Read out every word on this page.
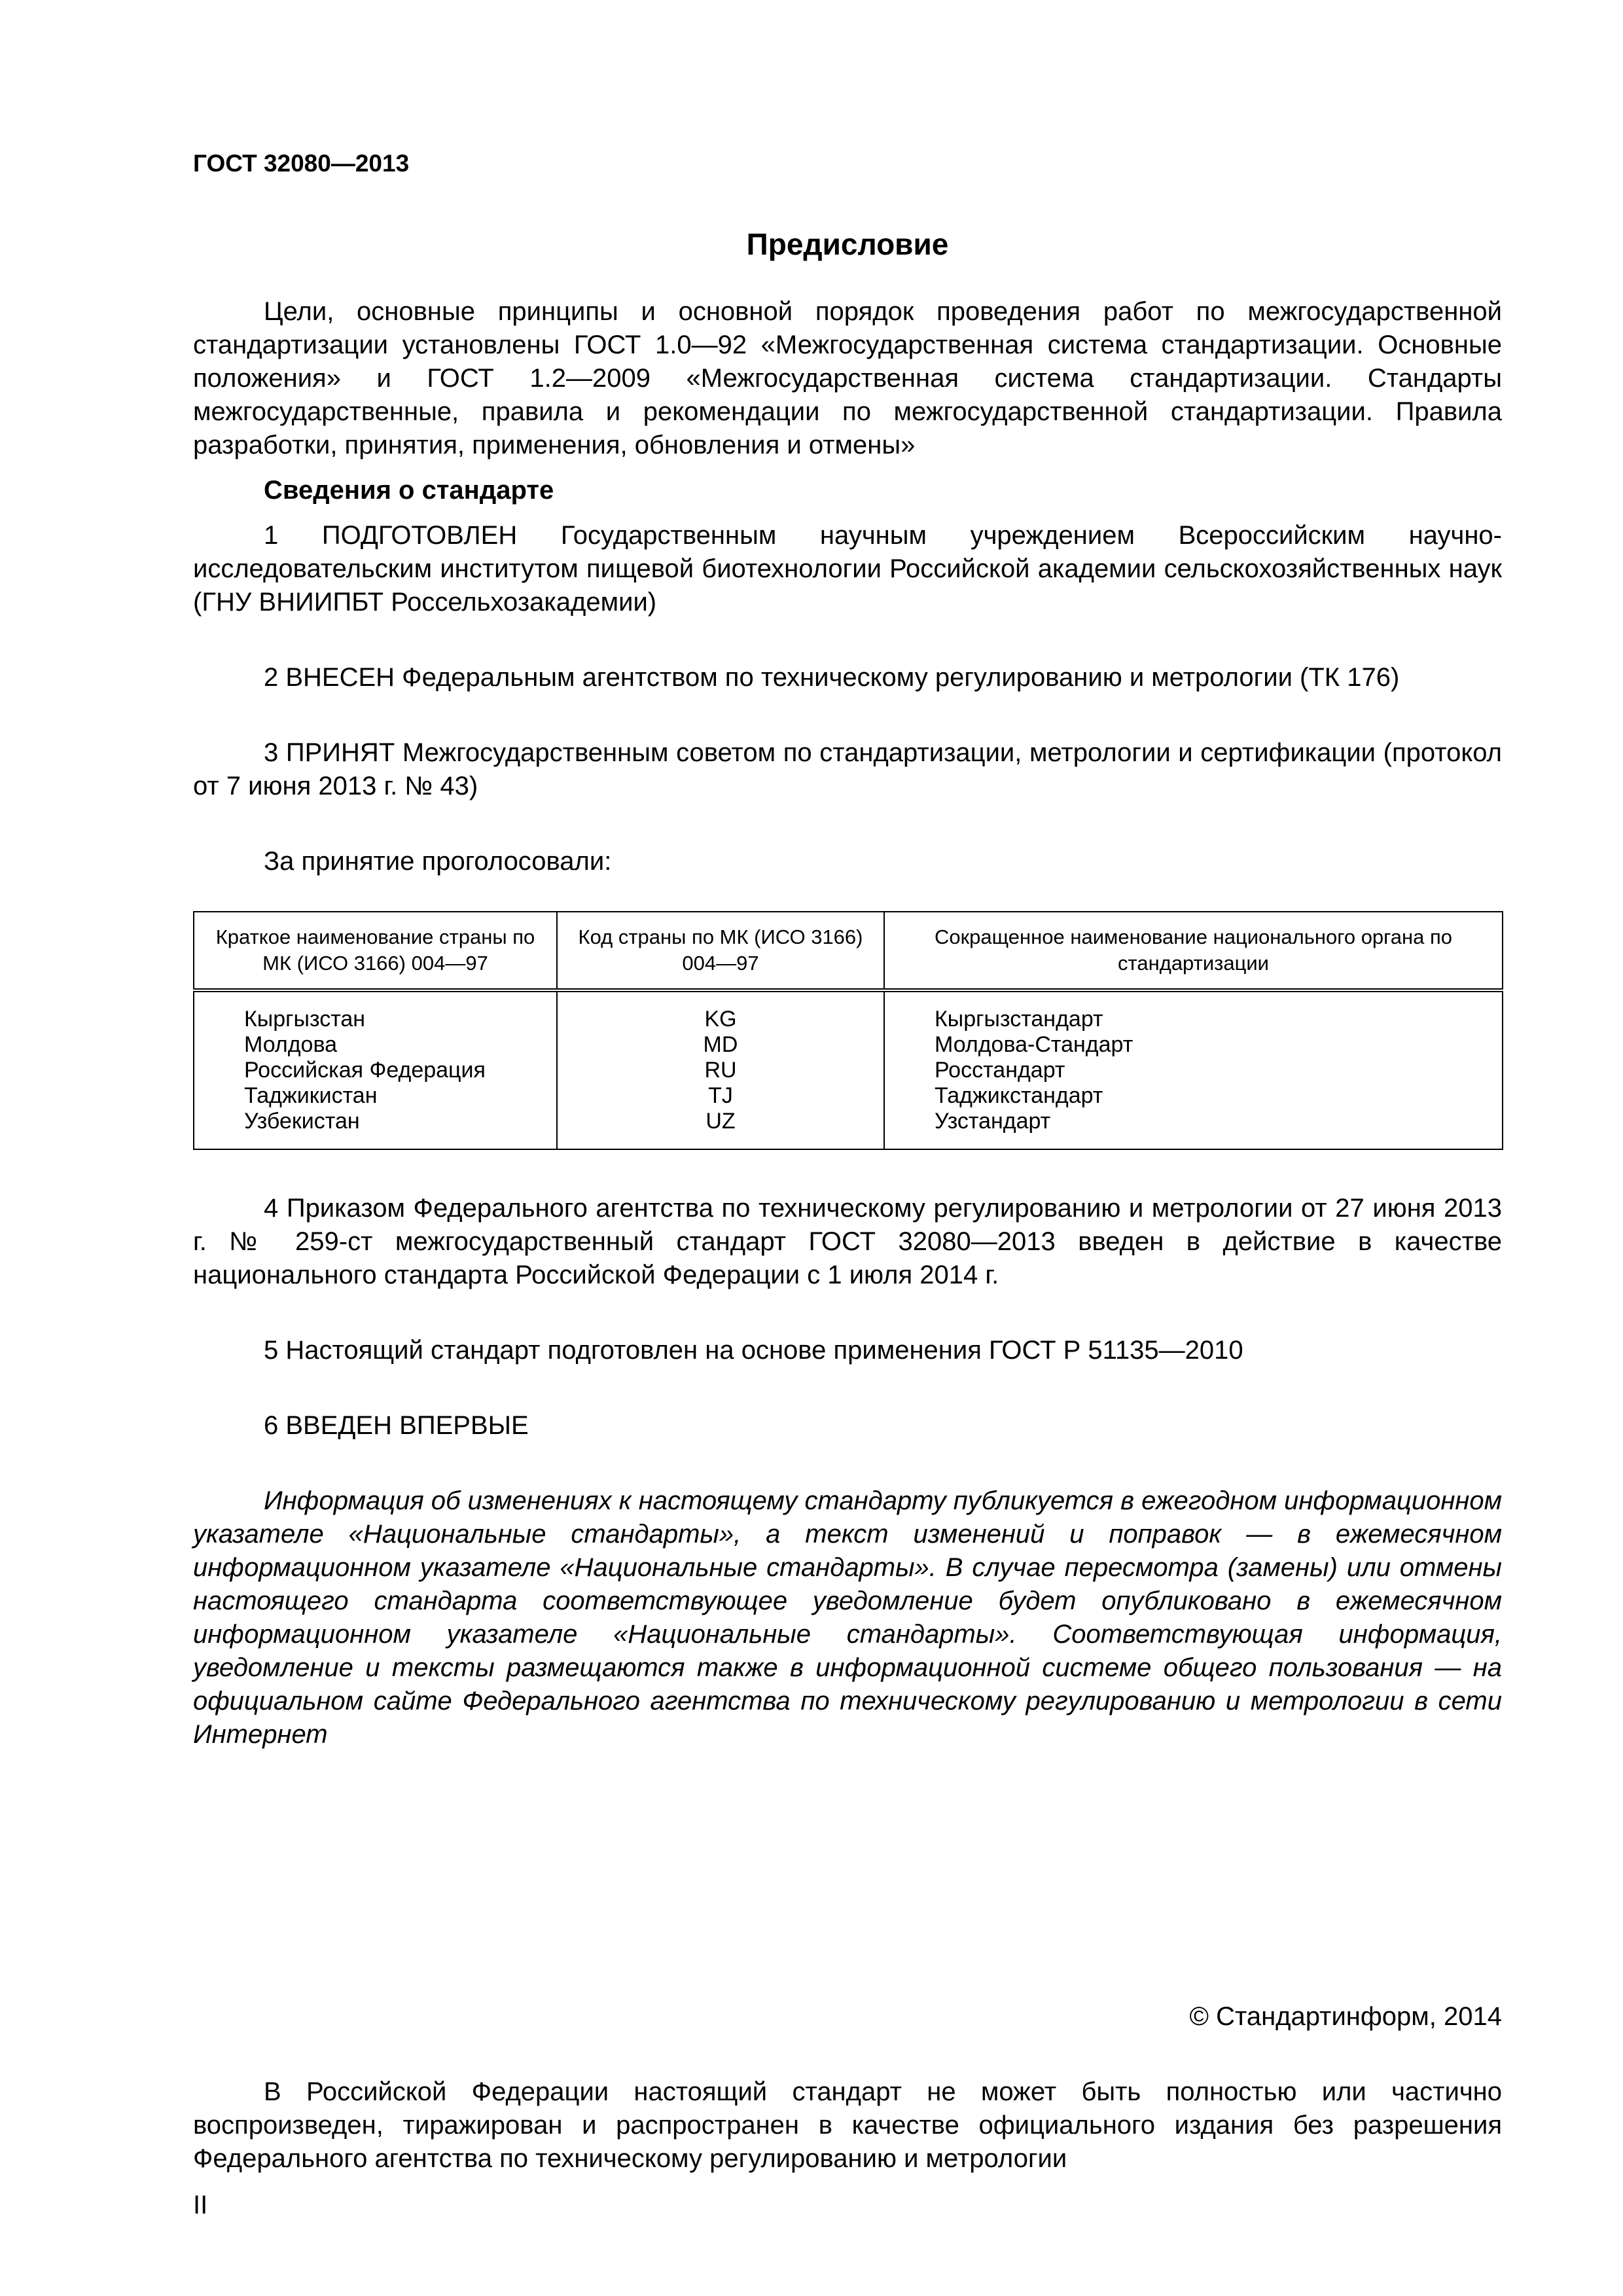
ГОСТ 32080—2013
Предисловие

Цели, основные принципы и основной порядок проведения работ по межгосударственной стандартизации установлены ГОСТ 1.0—92 «Межгосударственная система стандартизации. Основные положения» и ГОСТ 1.2—2009 «Межгосударственная система стандартизации. Стандарты межгосударственные, правила и рекомендации по межгосударственной стандартизации. Правила разработки, принятия, применения, обновления и отмены»

Сведения о стандарте

1 ПОДГОТОВЛЕН Государственным научным учреждением Всероссийским научно-исследовательским институтом пищевой биотехнологии Российской академии сельскохозяйственных наук (ГНУ ВНИИПБТ Россельхозакадемии)

2 ВНЕСЕН Федеральным агентством по техническому регулированию и метрологии (ТК 176)

3 ПРИНЯТ Межгосударственным советом по стандартизации, метрологии и сертификации (протокол от 7 июня 2013 г. № 43)

За принятие проголосовали:

Краткое наименование страны по МК (ИСО 3166) 004—97	Код страны по МК (ИСО 3166) 004—97	Сокращенное наименование национального органа по стандартизации
Кыргызстан	KG	Кыргызстандарт
Молдова	MD	Молдова-Стандарт
Российская Федерация	RU	Росстандарт
Таджикистан	TJ	Таджикстандарт
Узбекистан	UZ	Узстандарт

4 Приказом Федерального агентства по техническому регулированию и метрологии от 27 июня 2013 г. № 259-ст межгосударственный стандарт ГОСТ 32080—2013 введен в действие в качестве национального стандарта Российской Федерации с 1 июля 2014 г.

5 Настоящий стандарт подготовлен на основе применения ГОСТ Р 51135—2010

6 ВВЕДЕН ВПЕРВЫЕ

Информация об изменениях к настоящему стандарту публикуется в ежегодном информационном указателе «Национальные стандарты», а текст изменений и поправок — в ежемесячном информационном указателе «Национальные стандарты». В случае пересмотра (замены) или отмены настоящего стандарта соответствующее уведомление будет опубликовано в ежемесячном информационном указателе «Национальные стандарты». Соответствующая информация, уведомление и тексты размещаются также в информационной системе общего пользования — на официальном сайте Федерального агентства по техническому регулированию и метрологии в сети Интернет

© Стандартинформ, 2014

В Российской Федерации настоящий стандарт не может быть полностью или частично воспроизведен, тиражирован и распространен в качестве официального издания без разрешения Федерального агентства по техническому регулированию и метрологии

II
